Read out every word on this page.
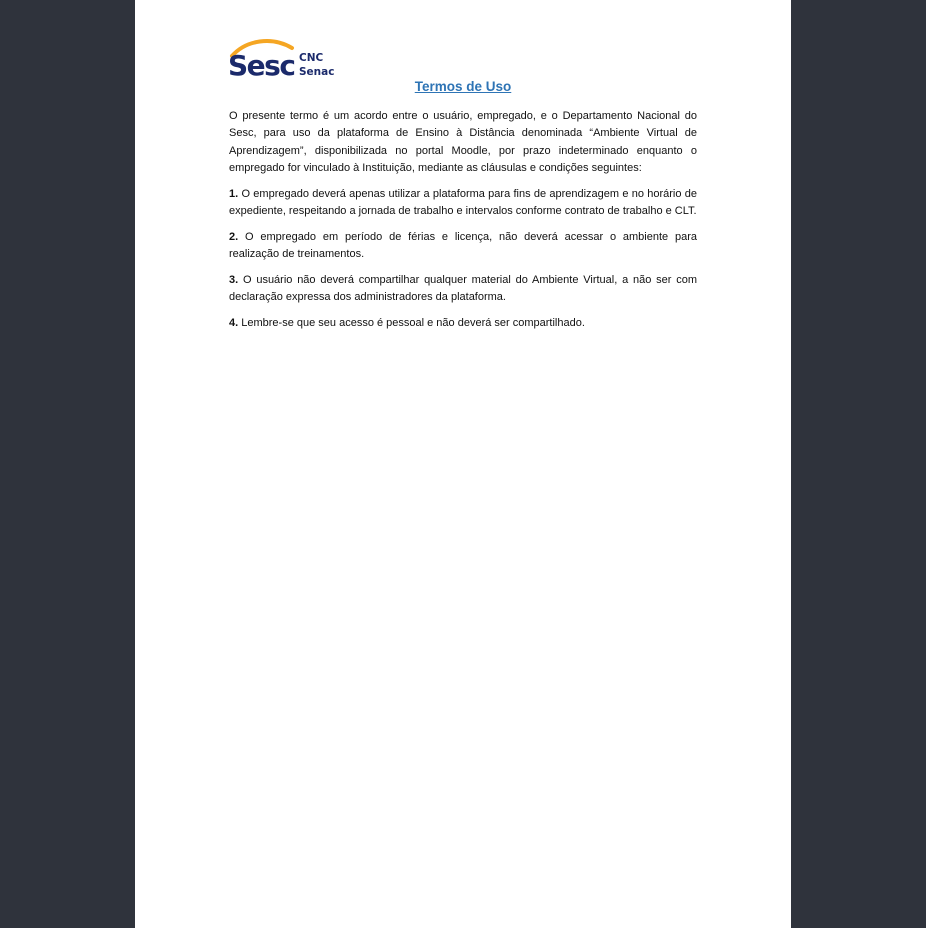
Sesc CNC
Senac
Termos de Uso

O presente termo é um acordo entre o usuário, empregado, e o Departamento Nacional do Sesc, para uso da plataforma de Ensino à Distância denominada “Ambiente Virtual de Aprendizagem”, disponibilizada no portal Moodle, por prazo indeterminado enquanto o empregado for vinculado à Instituição, mediante as cláusulas e condições seguintes:

1. O empregado deverá apenas utilizar a plataforma para fins de aprendizagem e no horário de expediente, respeitando a jornada de trabalho e intervalos conforme contrato de trabalho e CLT.

2. O empregado em período de férias e licença, não deverá acessar o ambiente para realização de treinamentos.

3. O usuário não deverá compartilhar qualquer material do Ambiente Virtual, a não ser com declaração expressa dos administradores da plataforma.

4. Lembre-se que seu acesso é pessoal e não deverá ser compartilhado.
